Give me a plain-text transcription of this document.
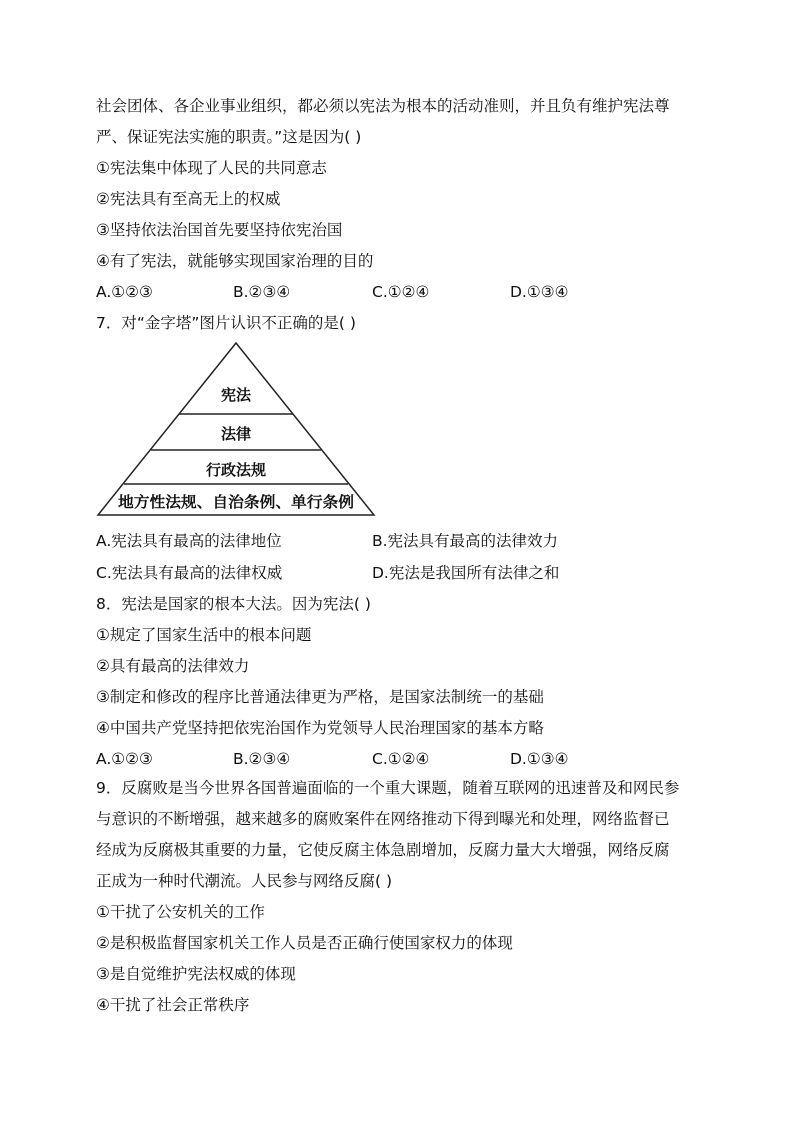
社会团体、各企业事业组织，都必须以宪法为根本的活动准则，并且负有维护宪法尊
严、保证宪法实施的职责。”这是因为( )
①宪法集中体现了人民的共同意志
②宪法具有至高无上的权威
③坚持依法治国首先要坚持依宪治国
④有了宪法，就能够实现国家治理的目的
A.①②③	B.②③④	C.①②④	D.①③④
7．对“金字塔”图片认识不正确的是( )
宪法
法律
行政法规
地方性法规、自治条例、单行条例
A.宪法具有最高的法律地位	B.宪法具有最高的法律效力
C.宪法具有最高的法律权威	D.宪法是我国所有法律之和
8．宪法是国家的根本大法。因为宪法( )
①规定了国家生活中的根本问题
②具有最高的法律效力
③制定和修改的程序比普通法律更为严格，是国家法制统一的基础
④中国共产党坚持把依宪治国作为党领导人民治理国家的基本方略
A.①②③	B.②③④	C.①②④	D.①③④
9．反腐败是当今世界各国普遍面临的一个重大课题，随着互联网的迅速普及和网民参
与意识的不断增强，越来越多的腐败案件在网络推动下得到曝光和处理，网络监督已
经成为反腐极其重要的力量，它使反腐主体急剧增加，反腐力量大大增强，网络反腐
正成为一种时代潮流。人民参与网络反腐( )
①干扰了公安机关的工作
②是积极监督国家机关工作人员是否正确行使国家权力的体现
③是自觉维护宪法权威的体现
④干扰了社会正常秩序
